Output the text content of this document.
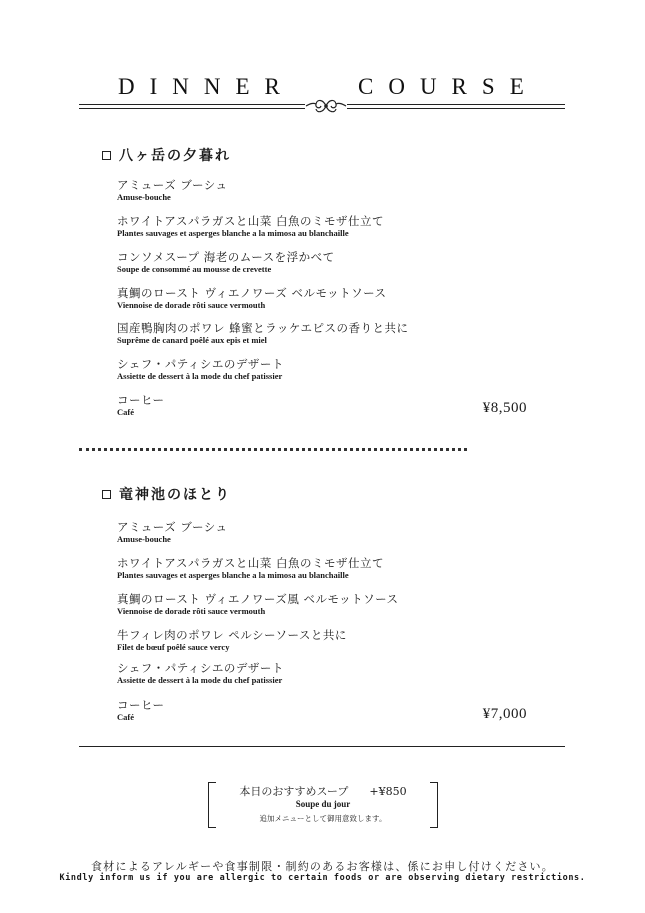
DINNER	COURSE
八ヶ岳の夕暮れ
アミューズ ブーシュ
Amuse-bouche
ホワイトアスパラガスと山菜 白魚のミモザ仕立て
Plantes sauvages et asperges blanche a la mimosa au blanchaille
コンソメスープ 海老のムースを浮かべて
Soupe de consommé au mousse de crevette
真鯛のロースト ヴィエノワーズ ベルモットソース
Viennoise de dorade rôti sauce vermouth
国産鴨胸肉のポワレ 蜂蜜とラッケエピスの香りと共に
Suprême de canard poêlé aux epis et miel
シェフ・パティシエのデザート
Assiette de dessert à la mode du chef patissier
コーヒー
Café	¥8,500
竜神池のほとり
アミューズ ブーシュ
Amuse-bouche
ホワイトアスパラガスと山菜 白魚のミモザ仕立て
Plantes sauvages et asperges blanche a la mimosa au blanchaille
真鯛のロースト ヴィエノワーズ風 ベルモットソース
Viennoise de dorade rôti sauce vermouth
牛フィレ肉のポワレ ペルシーソースと共に
Filet de bœuf poêlé sauce vercy
シェフ・パティシエのデザート
Assiette de dessert à la mode du chef patissier
コーヒー
Café	¥7,000
本日のおすすめスープ +¥850
Soupe du jour
追加メニューとして御用意致します。
食材によるアレルギーや食事制限・制約のあるお客様は、係にお申し付けください。
Kindly inform us if you are allergic to certain foods or are observing dietary restrictions.
